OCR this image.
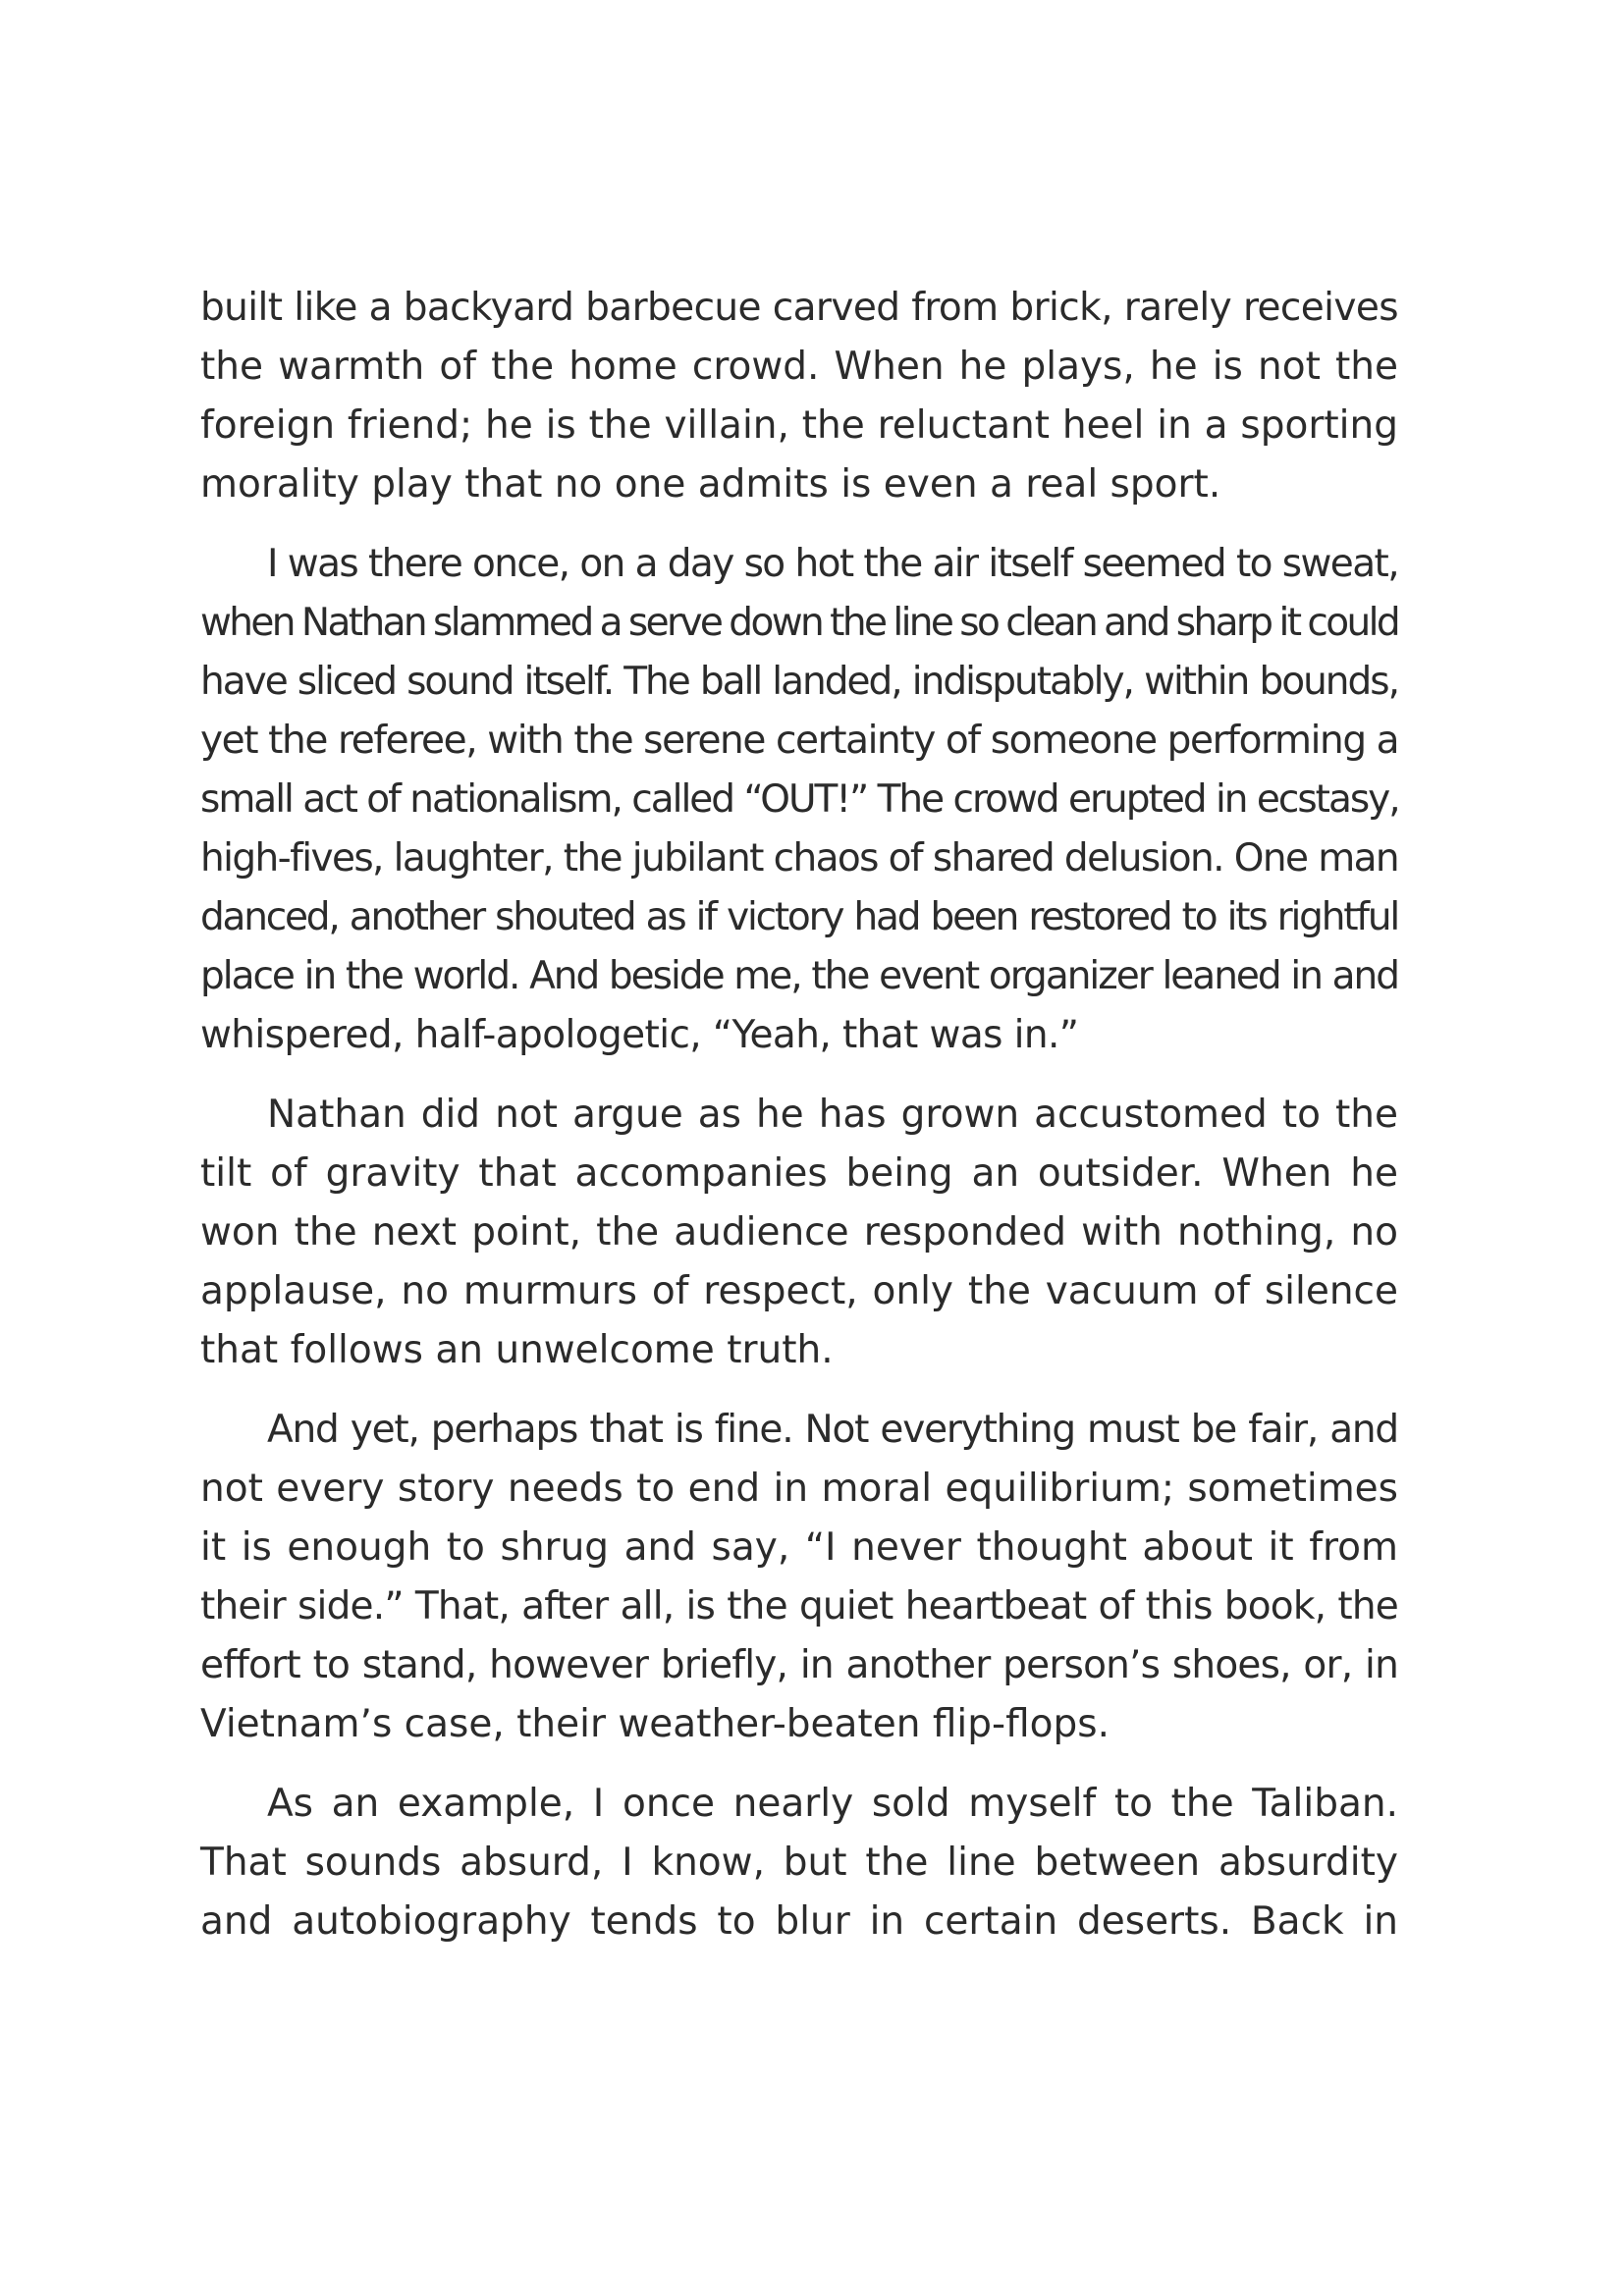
built like a backyard barbecue carved from brick, rarely receives
the warmth of the home crowd. When he plays, he is not the
foreign friend; he is the villain, the reluctant heel in a sporting
morality play that no one admits is even a real sport.

I was there once, on a day so hot the air itself seemed to sweat,
when Nathan slammed a serve down the line so clean and sharp it could
have sliced sound itself. The ball landed, indisputably, within bounds,
yet the referee, with the serene certainty of someone performing a
small act of nationalism, called “OUT!” The crowd erupted in ecstasy,
high-fives, laughter, the jubilant chaos of shared delusion. One man
danced, another shouted as if victory had been restored to its rightful
place in the world. And beside me, the event organizer leaned in and
whispered, half-apologetic, “Yeah, that was in.”

Nathan did not argue as he has grown accustomed to the
tilt of gravity that accompanies being an outsider. When he
won the next point, the audience responded with nothing, no
applause, no murmurs of respect, only the vacuum of silence
that follows an unwelcome truth.

And yet, perhaps that is fine. Not everything must be fair, and
not every story needs to end in moral equilibrium; sometimes
it is enough to shrug and say, “I never thought about it from
their side.” That, after all, is the quiet heartbeat of this book, the
effort to stand, however briefly, in another person’s shoes, or, in
Vietnam’s case, their weather-beaten flip-flops.

As an example, I once nearly sold myself to the Taliban.
That sounds absurd, I know, but the line between absurdity
and autobiography tends to blur in certain deserts. Back in
